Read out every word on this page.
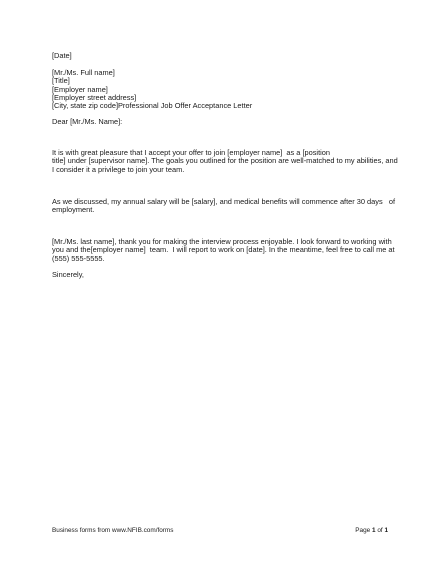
[Date]
[Mr./Ms. Full name]
[Title]
[Employer name]
[Employer street address]
[City, state zip code]Professional Job Offer Acceptance Letter
Dear [Mr./Ms. Name]:
It is with great pleasure that I accept your offer to join [employer name]  as a [position
title] under [supervisor name]. The goals you outlined for the position are well-matched to my abilities, and
I consider it a privilege to join your team.
As we discussed, my annual salary will be [salary], and medical benefits will commence after 30 days   of
employment.
[Mr./Ms. last name], thank you for making the interview process enjoyable. I look forward to working with
you and the[employer name]  team.  I will report to work on [date]. In the meantime, feel free to call me at
(555) 555-5555.
Sincerely,
Business forms from www.NFIB.com/forms	Page 1 of 1
